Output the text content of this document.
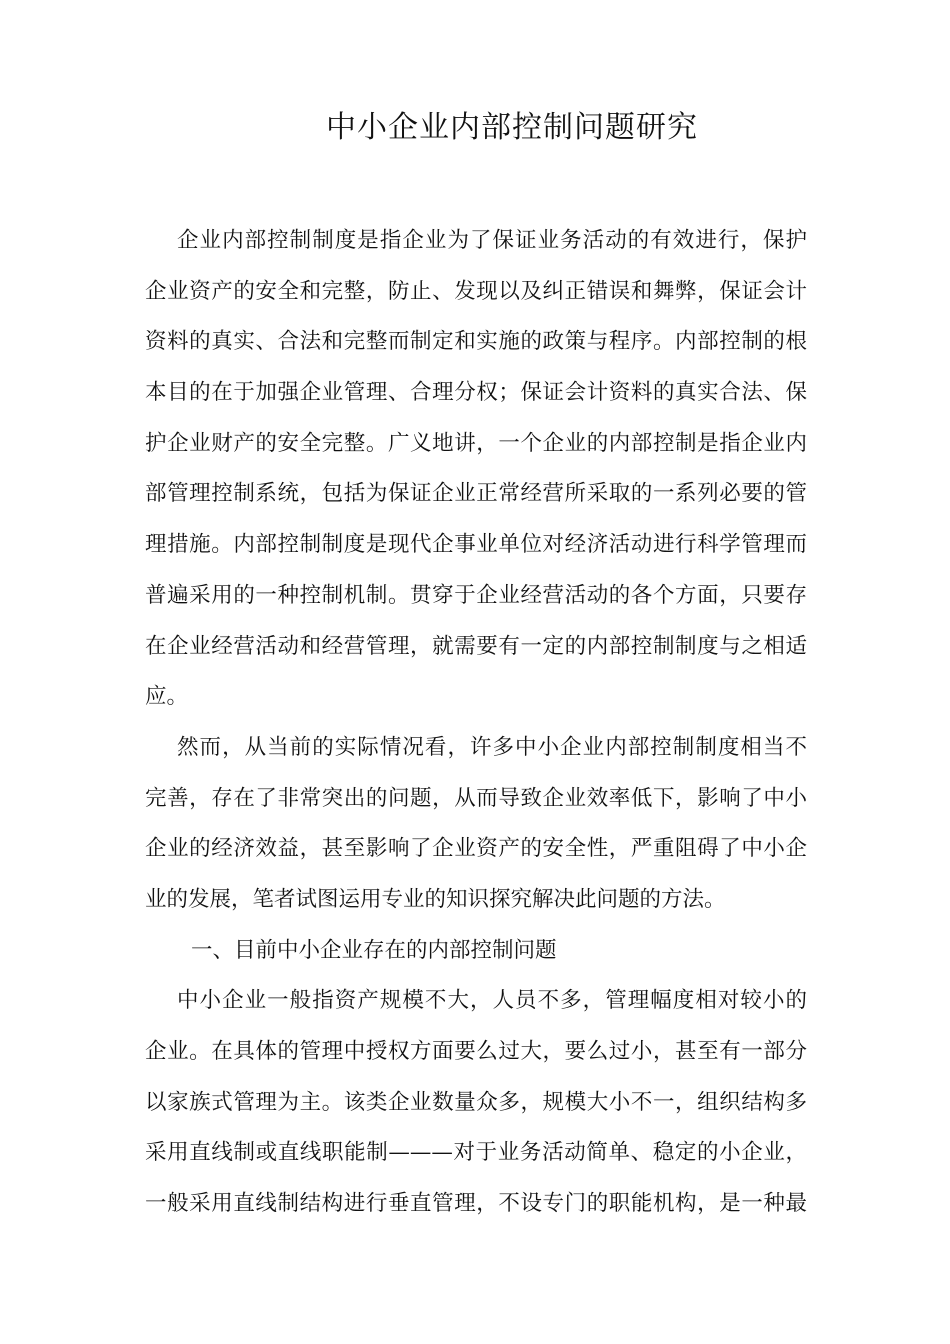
中小企业内部控制问题研究
企业内部控制制度是指企业为了保证业务活动的有效进行，保护
企业资产的安全和完整，防止、发现以及纠正错误和舞弊，保证会计
资料的真实、合法和完整而制定和实施的政策与程序。内部控制的根
本目的在于加强企业管理、合理分权；保证会计资料的真实合法、保
护企业财产的安全完整。广义地讲，一个企业的内部控制是指企业内
部管理控制系统，包括为保证企业正常经营所采取的一系列必要的管
理措施。内部控制制度是现代企事业单位对经济活动进行科学管理而
普遍采用的一种控制机制。贯穿于企业经营活动的各个方面，只要存
在企业经营活动和经营管理，就需要有一定的内部控制制度与之相适
应。
然而，从当前的实际情况看，许多中小企业内部控制制度相当不
完善，存在了非常突出的问题，从而导致企业效率低下，影响了中小
企业的经济效益，甚至影响了企业资产的安全性，严重阻碍了中小企
业的发展，笔者试图运用专业的知识探究解决此问题的方法。
一、目前中小企业存在的内部控制问题
中小企业一般指资产规模不大，人员不多，管理幅度相对较小的
企业。在具体的管理中授权方面要么过大，要么过小，甚至有一部分
以家族式管理为主。该类企业数量众多，规模大小不一，组织结构多
采用直线制或直线职能制———对于业务活动简单、稳定的小企业，
一般采用直线制结构进行垂直管理，不设专门的职能机构，是一种最
